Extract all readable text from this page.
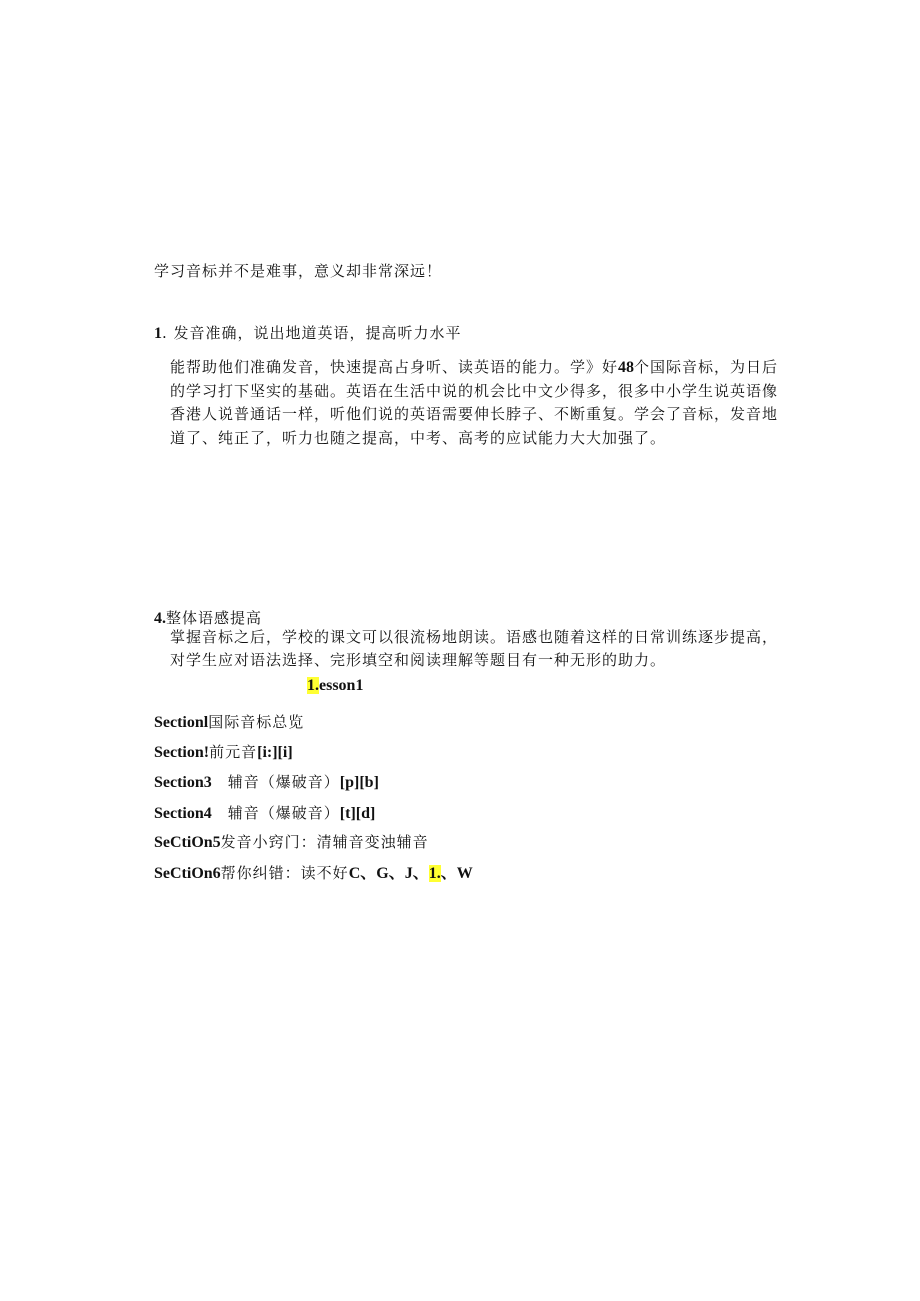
学习音标并不是难事，意义却非常深远！
1. 发音准确，说出地道英语，提高听力水平
能帮助他们准确发音，快速提高占身听、读英语的能力。学》好48个国际音标，为日后
的学习打下坚实的基础。英语在生活中说的机会比中文少得多，很多中小学生说英语像
香港人说普通话一样，听他们说的英语需要伸长脖子、不断重复。学会了音标，发音地
道了、纯正了，听力也随之提高，中考、高考的应试能力大大加强了。
4.整体语感提高
掌握音标之后，学校的课文可以很流杨地朗读。语感也随着这样的日常训练逐步提高，
对学生应对语法选择、完形填空和阅读理解等题目有一种无形的助力。
1.esson1
Sectionl国际音标总览
Section!前元音[i:][i]
Section3 辅音（爆破音）[p][b]
Section4 辅音（爆破音）[t][d]
SeCtiOn5发音小窍门：清辅音变浊辅音
SeCtiOn6帮你纠错：读不好C、G、J、1.、W
